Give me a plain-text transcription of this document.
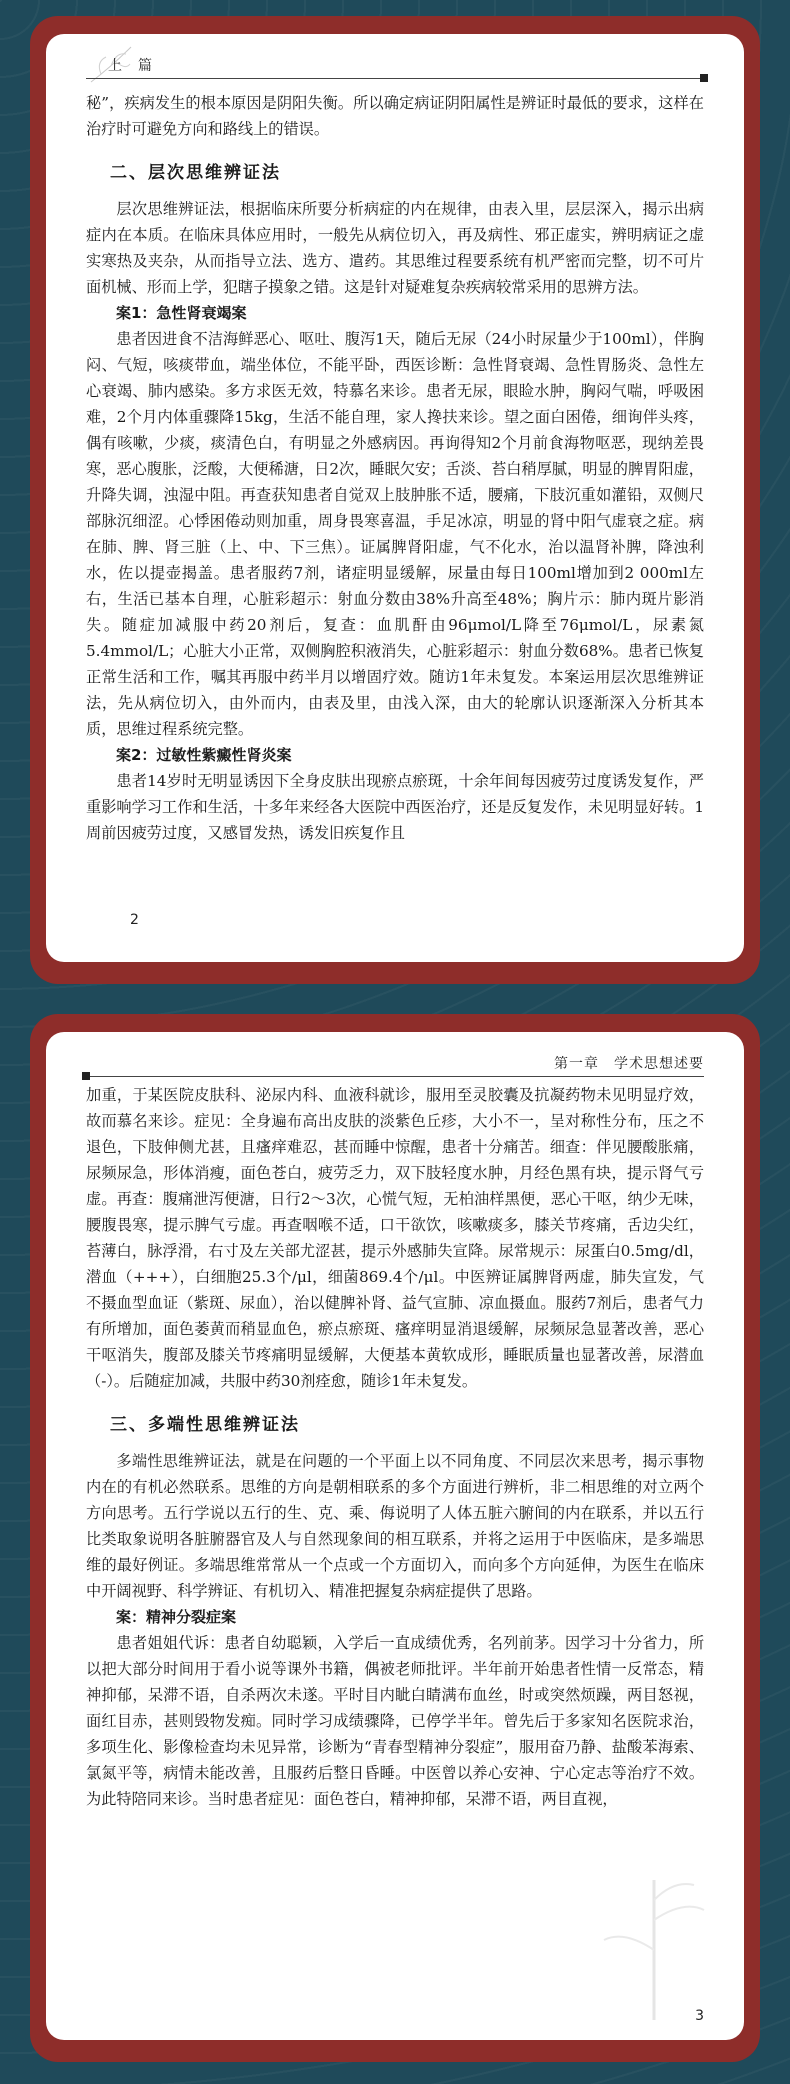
上　篇

秘”，疾病发生的根本原因是阴阳失衡。所以确定病证阴阳属性是辨证时最低的要求，这样在治疗时可避免方向和路线上的错误。

二、层次思维辨证法

层次思维辨证法，根据临床所要分析病症的内在规律，由表入里，层层深入，揭示出病症内在本质。在临床具体应用时，一般先从病位切入，再及病性、邪正虚实，辨明病证之虚实寒热及夹杂，从而指导立法、选方、遣药。其思维过程要系统有机严密而完整，切不可片面机械、形而上学，犯瞎子摸象之错。这是针对疑难复杂疾病较常采用的思辨方法。

案1：急性肾衰竭案

患者因进食不洁海鲜恶心、呕吐、腹泻1天，随后无尿（24小时尿量少于100ml），伴胸闷、气短，咳痰带血，端坐体位，不能平卧，西医诊断：急性肾衰竭、急性胃肠炎、急性左心衰竭、肺内感染。多方求医无效，特慕名来诊。患者无尿，眼睑水肿，胸闷气喘，呼吸困难，2个月内体重骤降15kg，生活不能自理，家人搀扶来诊。望之面白困倦，细询伴头疼，偶有咳嗽，少痰，痰清色白，有明显之外感病因。再询得知2个月前食海物呕恶，现纳差畏寒，恶心腹胀，泛酸，大便稀溏，日2次，睡眠欠安；舌淡、苔白稍厚腻，明显的脾胃阳虚，升降失调，浊湿中阻。再查获知患者自觉双上肢肿胀不适，腰痛，下肢沉重如灌铅，双侧尺部脉沉细涩。心悸困倦动则加重，周身畏寒喜温，手足冰凉，明显的肾中阳气虚衰之症。病在肺、脾、肾三脏（上、中、下三焦）。证属脾肾阳虚，气不化水，治以温肾补脾，降浊利水，佐以提壶揭盖。患者服药7剂，诸症明显缓解，尿量由每日100ml增加到2 000ml左右，生活已基本自理，心脏彩超示：射血分数由38%升高至48%；胸片示：肺内斑片影消失。随症加减服中药20剂后，复查：血肌酐由96μmol/L降至76μmol/L，尿素氮5.4mmol/L；心脏大小正常，双侧胸腔积液消失，心脏彩超示：射血分数68%。患者已恢复正常生活和工作，嘱其再服中药半月以增固疗效。随访1年未复发。本案运用层次思维辨证法，先从病位切入，由外而内，由表及里，由浅入深，由大的轮廓认识逐渐深入分析其本质，思维过程系统完整。

案2：过敏性紫癜性肾炎案

患者14岁时无明显诱因下全身皮肤出现瘀点瘀斑，十余年间每因疲劳过度诱发复作，严重影响学习工作和生活，十多年来经各大医院中西医治疗，还是反复发作，未见明显好转。1周前因疲劳过度，又感冒发热，诱发旧疾复作且

2
第一章　学术思想述要

加重，于某医院皮肤科、泌尿内科、血液科就诊，服用至灵胶囊及抗凝药物未见明显疗效，故而慕名来诊。症见：全身遍布高出皮肤的淡紫色丘疹，大小不一，呈对称性分布，压之不退色，下肢伸侧尤甚，且瘙痒难忍，甚而睡中惊醒，患者十分痛苦。细查：伴见腰酸胀痛，尿频尿急，形体消瘦，面色苍白，疲劳乏力，双下肢轻度水肿，月经色黑有块，提示肾气亏虚。再查：腹痛泄泻便溏，日行2～3次，心慌气短，无柏油样黑便，恶心干呕，纳少无味，腰腹畏寒，提示脾气亏虚。再查咽喉不适，口干欲饮，咳嗽痰多，膝关节疼痛，舌边尖红，苔薄白，脉浮滑，右寸及左关部尤涩甚，提示外感肺失宣降。尿常规示：尿蛋白0.5mg/dl，潜血（+++），白细胞25.3个/μl，细菌869.4个/μl。中医辨证属脾肾两虚，肺失宣发，气不摄血型血证（紫斑、尿血），治以健脾补肾、益气宣肺、凉血摄血。服药7剂后，患者气力有所增加，面色萎黄而稍显血色，瘀点瘀斑、瘙痒明显消退缓解，尿频尿急显著改善，恶心干呕消失，腹部及膝关节疼痛明显缓解，大便基本黄软成形，睡眠质量也显著改善，尿潜血（-）。后随症加减，共服中药30剂痊愈，随诊1年未复发。

三、多端性思维辨证法

多端性思维辨证法，就是在问题的一个平面上以不同角度、不同层次来思考，揭示事物内在的有机必然联系。思维的方向是朝相联系的多个方面进行辨析，非二相思维的对立两个方向思考。五行学说以五行的生、克、乘、侮说明了人体五脏六腑间的内在联系，并以五行比类取象说明各脏腑器官及人与自然现象间的相互联系，并将之运用于中医临床，是多端思维的最好例证。多端思维常常从一个点或一个方面切入，而向多个方向延伸，为医生在临床中开阔视野、科学辨证、有机切入、精准把握复杂病症提供了思路。

案：精神分裂症案

患者姐姐代诉：患者自幼聪颖，入学后一直成绩优秀，名列前茅。因学习十分省力，所以把大部分时间用于看小说等课外书籍，偶被老师批评。半年前开始患者性情一反常态，精神抑郁，呆滞不语，自杀两次未遂。平时目内眦白睛满布血丝，时或突然烦躁，两目怒视，面红目赤，甚则毁物发痴。同时学习成绩骤降，已停学半年。曾先后于多家知名医院求治，多项生化、影像检查均未见异常，诊断为“青春型精神分裂症”，服用奋乃静、盐酸苯海索、氯氮平等，病情未能改善，且服药后整日昏睡。中医曾以养心安神、宁心定志等治疗不效。为此特陪同来诊。当时患者症见：面色苍白，精神抑郁，呆滞不语，两目直视，

3
